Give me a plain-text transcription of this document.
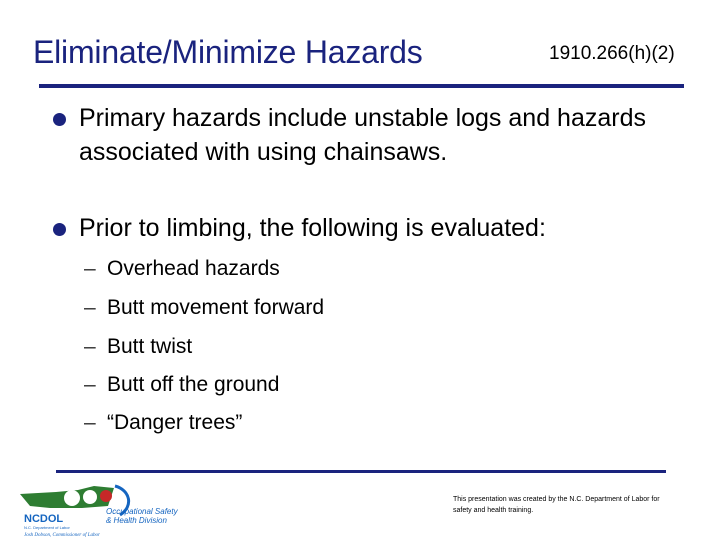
Eliminate/Minimize Hazards	1910.266(h)(2)
Primary hazards include unstable logs and hazards associated with using chainsaws.
Prior to limbing, the following is evaluated:
– Overhead hazards
– Butt movement forward
– Butt twist
– Butt off the ground
– “Danger trees”
NCDOL
N.C. Department of Labor
Occupational Safety
& Health Division
Josh Dobson, Commissioner of Labor
This presentation was created by the N.C. Department of Labor for safety and health training.
